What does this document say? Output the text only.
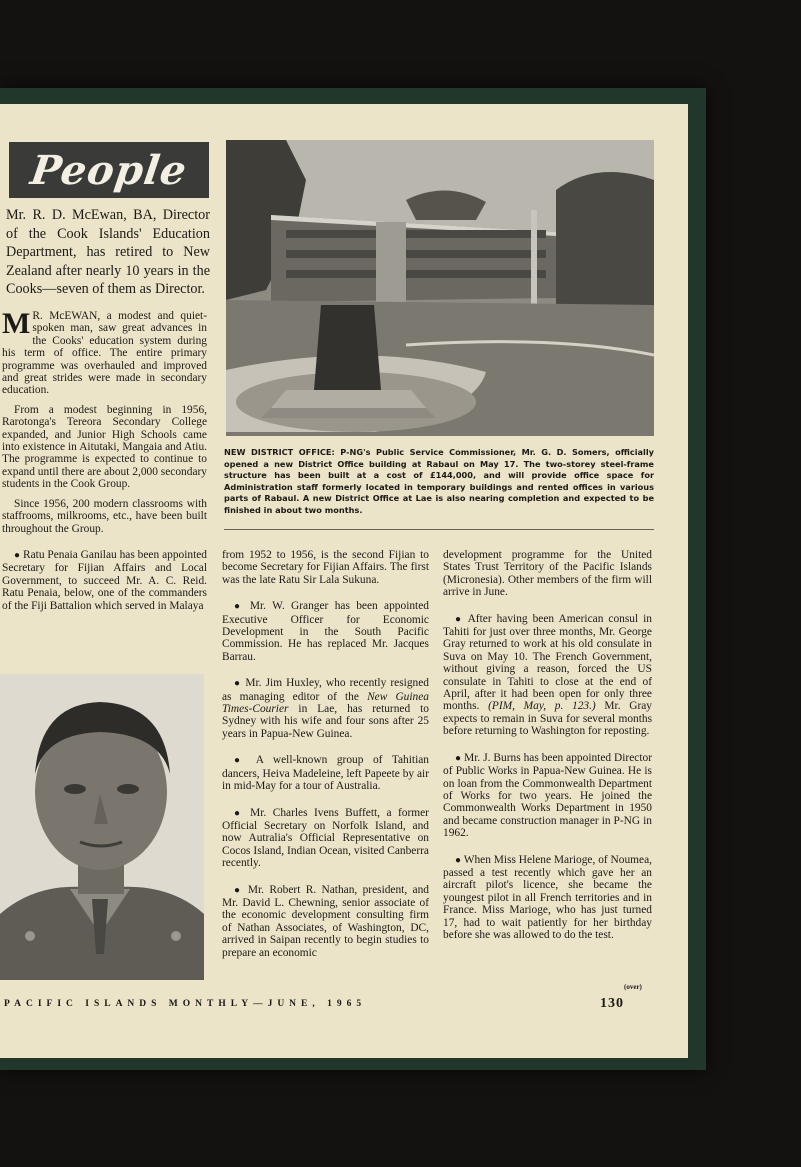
People

Mr. R. D. McEwan, BA, Director of the Cook Islands' Education Department, has retired to New Zealand after nearly 10 years in the Cooks—seven of them as Director.

NEW DISTRICT OFFICE: P-NG's Public Service Commissioner, Mr. G. D. Somers, officially opened a new District Office building at Rabaul on May 17. The two-storey steel-frame structure has been built at a cost of £144,000, and will provide office space for Administration staff formerly located in temporary buildings and rented offices in various parts of Rabaul. A new District Office at Lae is also nearing completion and expected to be finished in about two months.

M R. McEWAN, a modest and quiet-spoken man, saw great advances in the Cooks' education system during his term of office. The entire primary programme was overhauled and improved and great strides were made in secondary education.

From a modest beginning in 1956, Rarotonga's Tereora Secondary College expanded, and Junior High Schools came into existence in Aitutaki, Mangaia and Atiu. The programme is expected to continue to expand until there are about 2,000 secondary students in the Cook Group.

Since 1956, 200 modern classrooms with staffrooms, milkrooms, etc., have been built throughout the Group.

● Ratu Penaia Ganilau has been appointed Secretary for Fijian Affairs and Local Government, to succeed Mr. A. C. Reid. Ratu Penaia, below, one of the commanders of the Fiji Battalion which served in Malaya

from 1952 to 1956, is the second Fijian to become Secretary for Fijian Affairs. The first was the late Ratu Sir Lala Sukuna.

● Mr. W. Granger has been appointed Executive Officer for Economic Development in the South Pacific Commission. He has replaced Mr. Jacques Barrau.

● Mr. Jim Huxley, who recently resigned as managing editor of the New Guinea Times-Courier in Lae, has returned to Sydney with his wife and four sons after 25 years in Papua-New Guinea.

● A well-known group of Tahitian dancers, Heiva Madeleine, left Papeete by air in mid-May for a tour of Australia.

● Mr. Charles Ivens Buffett, a former Official Secretary on Norfolk Island, and now Autralia's Official Representative on Cocos Island, Indian Ocean, visited Canberra recently.

● Mr. Robert R. Nathan, president, and Mr. David L. Chewning, senior associate of the economic development consulting firm of Nathan Associates, of Washington, DC, arrived in Saipan recently to begin studies to prepare an economic

development programme for the United States Trust Territory of the Pacific Islands (Micronesia). Other members of the firm will arrive in June.

● After having been American consul in Tahiti for just over three months, Mr. George Gray returned to work at his old consulate in Suva on May 10. The French Government, without giving a reason, forced the US consulate in Tahiti to close at the end of April, after it had been open for only three months. (PIM, May, p. 123.) Mr. Gray expects to remain in Suva for several months before returning to Washington for reposting.

● Mr. J. Burns has been appointed Director of Public Works in Papua-New Guinea. He is on loan from the Commonwealth Department of Works for two years. He joined the Commonwealth Works Department in 1950 and became construction manager in P-NG in 1962.

● When Miss Helene Marioge, of Noumea, passed a test recently which gave her an aircraft pilot's licence, she became the youngest pilot in all French territories and in France. Miss Marioge, who has just turned 17, had to wait patiently for her birthday before she was allowed to do the test.

(over)
PACIFIC ISLANDS MONTHLY—JUNE, 1965	130
